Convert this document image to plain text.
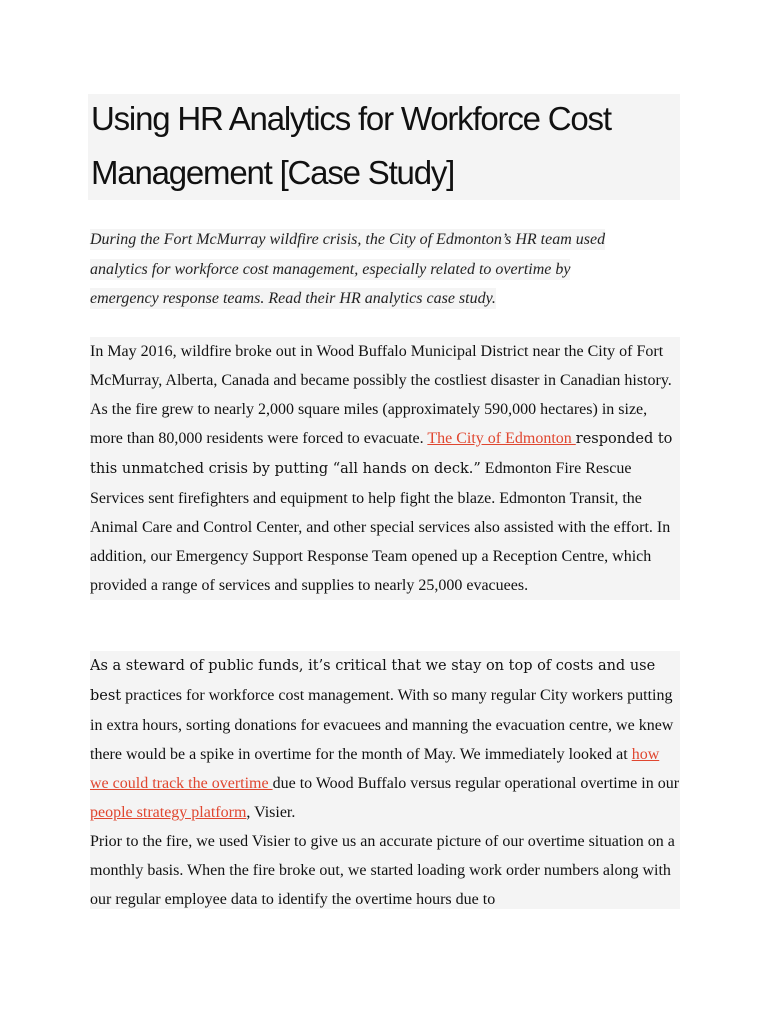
Using HR Analytics for Workforce Cost Management [Case Study]

During the Fort McMurray wildfire crisis, the City of Edmonton’s HR team used
analytics for workforce cost management, especially related to overtime by
emergency response teams. Read their HR analytics case study.

In May 2016, wildfire broke out in Wood Buffalo Municipal District near the City of Fort McMurray, Alberta, Canada and became possibly the costliest disaster in Canadian history. As the fire grew to nearly 2,000 square miles (approximately 590,000 hectares) in size, more than 80,000 residents were forced to evacuate. The City of Edmonton responded to this unmatched crisis by putting “all hands on deck.” Edmonton Fire Rescue Services sent firefighters and equipment to help fight the blaze. Edmonton Transit, the Animal Care and Control Center, and other special services also assisted with the effort. In addition, our Emergency Support Response Team opened up a Reception Centre, which provided a range of services and supplies to nearly 25,000 evacuees.

As a steward of public funds, it’s critical that we stay on top of costs and use best practices for workforce cost management. With so many regular City workers putting in extra hours, sorting donations for evacuees and manning the evacuation centre, we knew there would be a spike in overtime for the month of May. We immediately looked at how we could track the overtime due to Wood Buffalo versus regular operational overtime in our people strategy platform, Visier.
Prior to the fire, we used Visier to give us an accurate picture of our overtime situation on a monthly basis. When the fire broke out, we started loading work order numbers along with our regular employee data to identify the overtime hours due to
